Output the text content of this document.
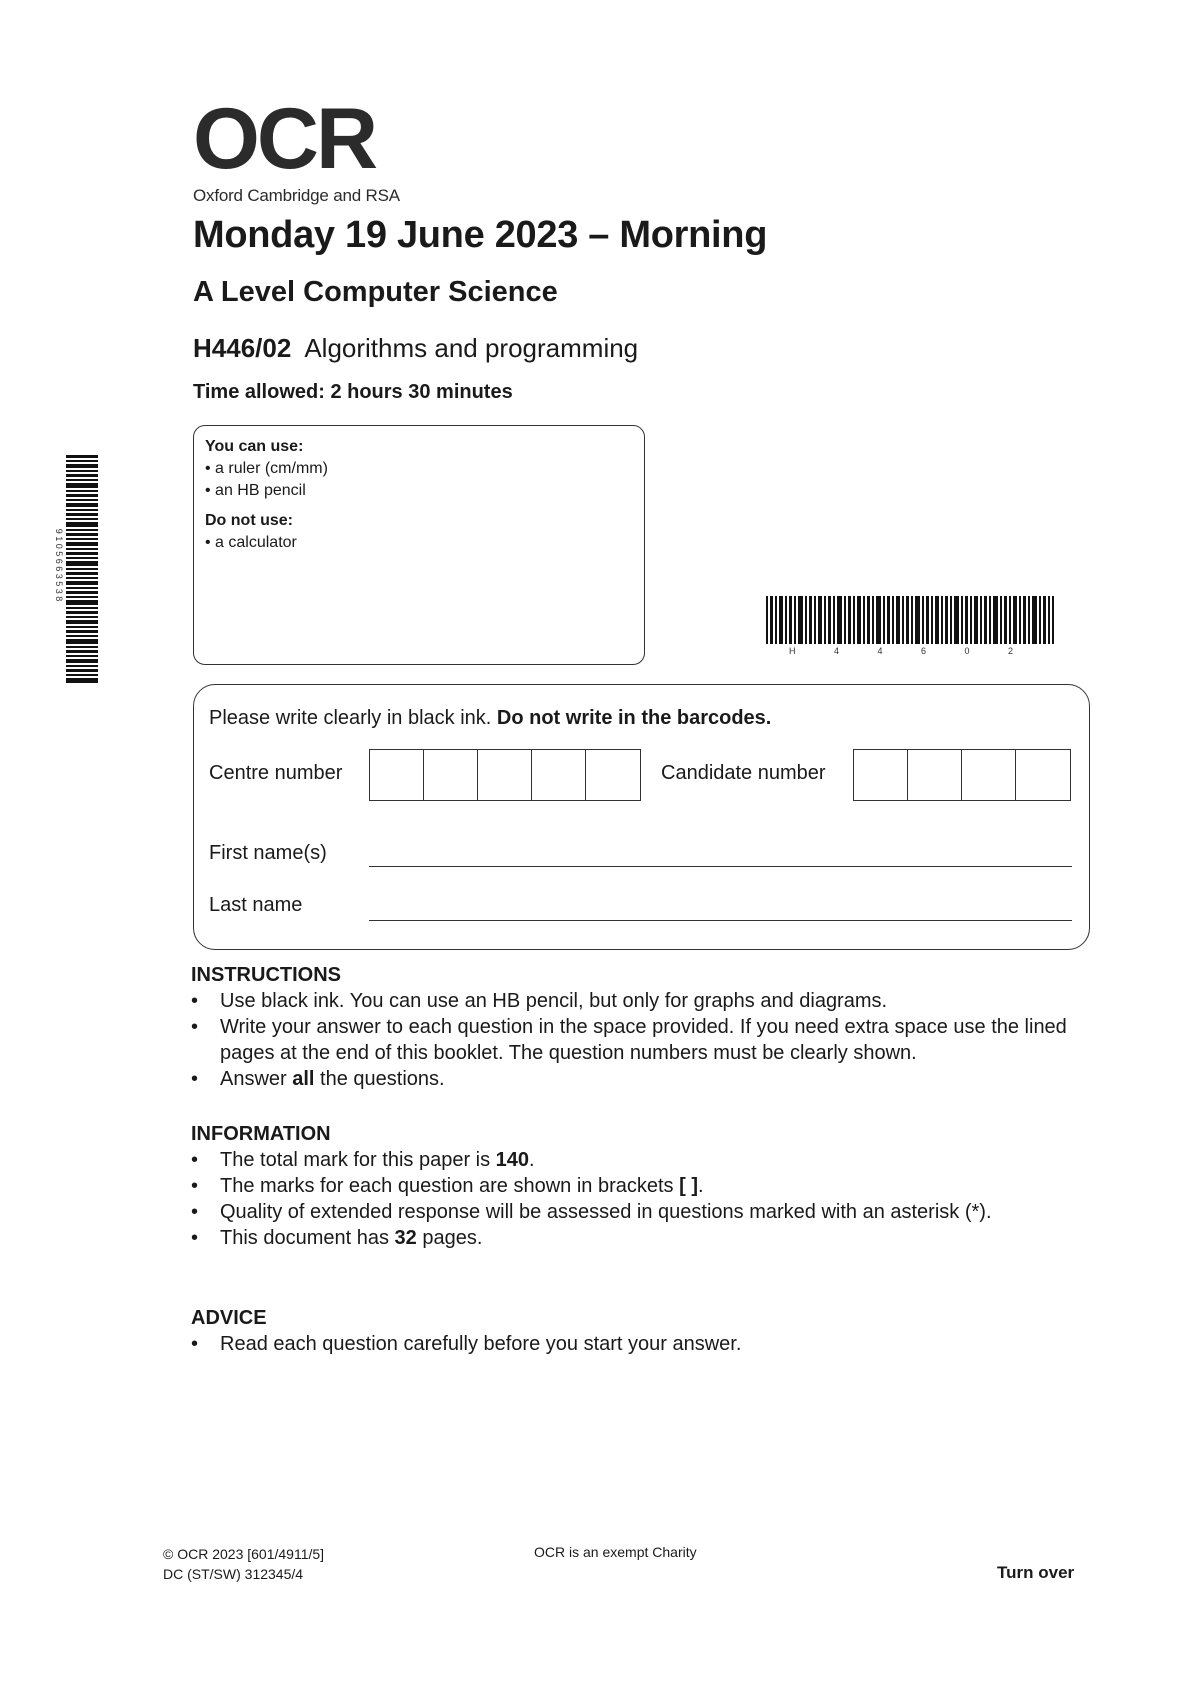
OCR
Oxford Cambridge and RSA
Monday 19 June 2023 – Morning
A Level Computer Science
H446/02 Algorithms and programming
Time allowed: 2 hours 30 minutes
You can use:
• a ruler (cm/mm)
• an HB pencil
Do not use:
• a calculator
9 1 0 5 6 6 3 5 3 8
H 4 4 6 0 2
Please write clearly in black ink. Do not write in the barcodes.
Centre number	Candidate number
First name(s)
Last name
INSTRUCTIONS
• Use black ink. You can use an HB pencil, but only for graphs and diagrams.
• Write your answer to each question in the space provided. If you need extra space use the lined pages at the end of this booklet. The question numbers must be clearly shown.
• Answer all the questions.
INFORMATION
• The total mark for this paper is 140.
• The marks for each question are shown in brackets [ ].
• Quality of extended response will be assessed in questions marked with an asterisk (*).
• This document has 32 pages.
ADVICE
• Read each question carefully before you start your answer.
© OCR 2023 [601/4911/5]
DC (ST/SW) 312345/4
OCR is an exempt Charity
Turn over
